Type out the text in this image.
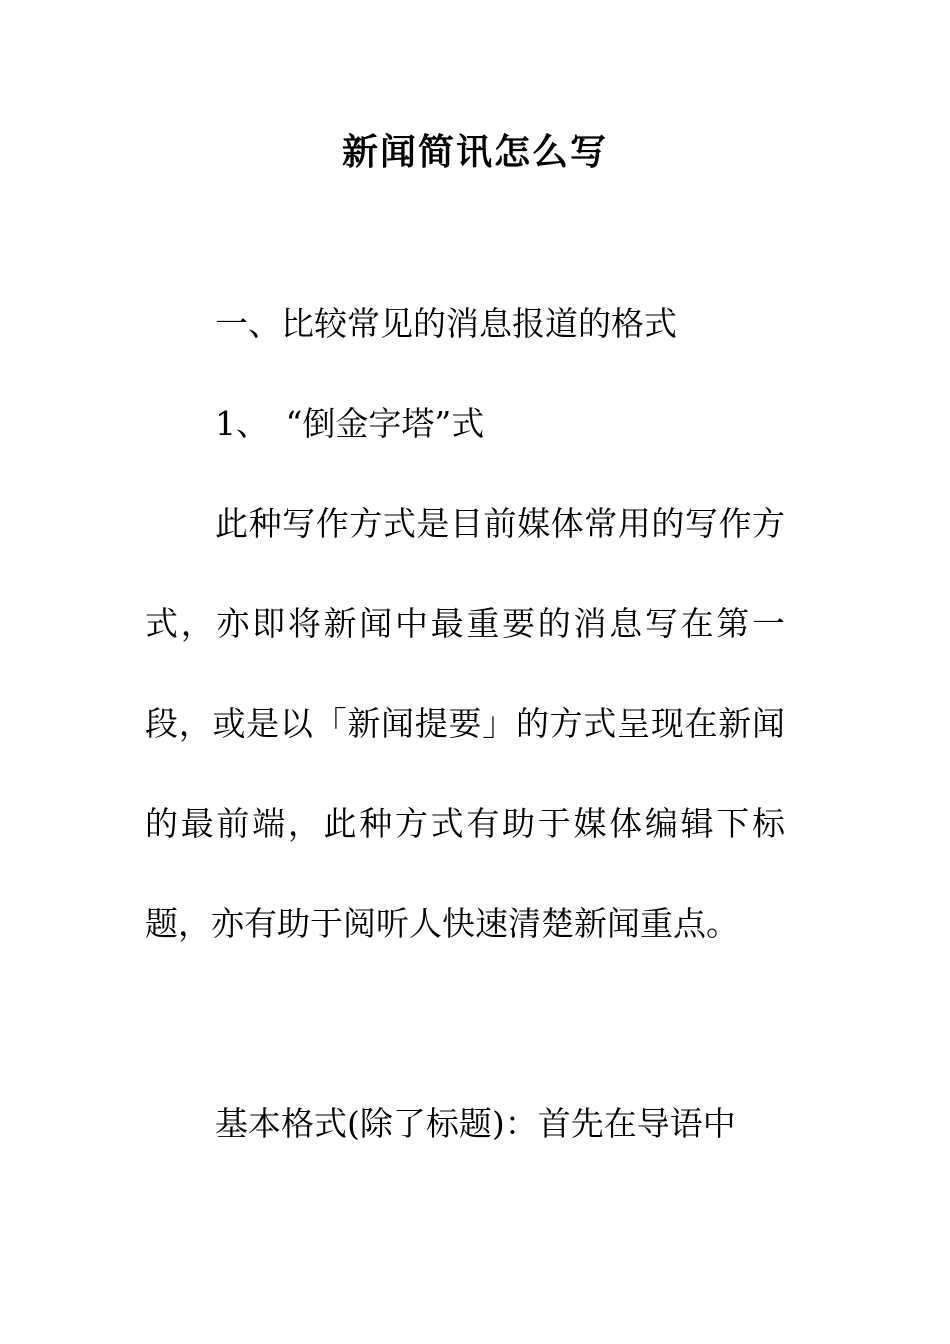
新闻简讯怎么写

一、比较常见的消息报道的格式

1、　“倒金字塔”式

此种写作方式是目前媒体常用的写作方式，亦即将新闻中最重要的消息写在第一段，或是以「新闻提要」的方式呈现在新闻的最前端，此种方式有助于媒体编辑下标题，亦有助于阅听人快速清楚新闻重点。

基本格式(除了标题)：首先在导语中
